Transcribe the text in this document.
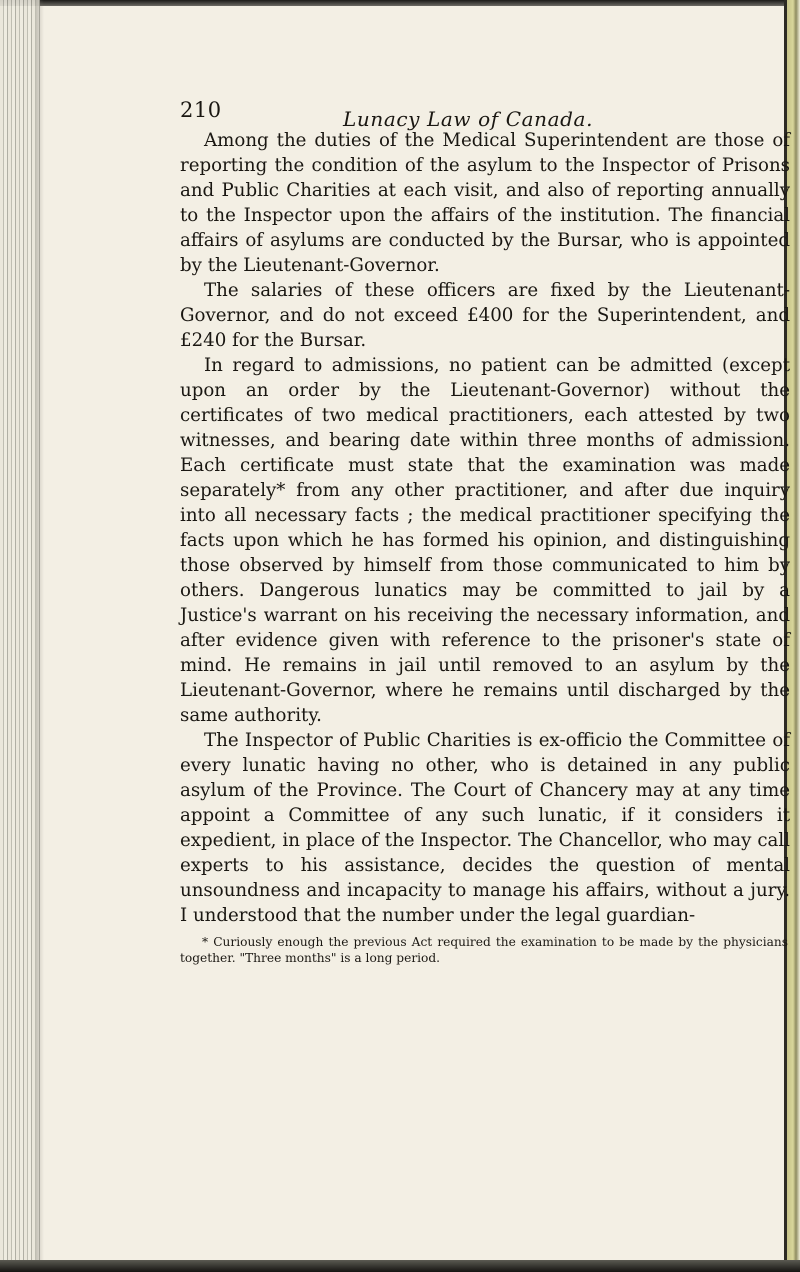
210	Lunacy Law of Canada.

Among the duties of the Medical Superintendent are those of reporting the condition of the asylum to the Inspector of Prisons and Public Charities at each visit, and also of reporting annually to the Inspector upon the affairs of the institution. The financial affairs of asylums are conducted by the Bursar, who is appointed by the Lieutenant-Governor.

The salaries of these officers are fixed by the Lieutenant-Governor, and do not exceed £400 for the Superintendent, and £240 for the Bursar.

In regard to admissions, no patient can be admitted (except upon an order by the Lieutenant-Governor) without the certificates of two medical practitioners, each attested by two witnesses, and bearing date within three months of admission. Each certificate must state that the examination was made separately* from any other practitioner, and after due inquiry into all necessary facts ; the medical practitioner specifying the facts upon which he has formed his opinion, and distinguishing those observed by himself from those communicated to him by others. Dangerous lunatics may be committed to jail by a Justice's warrant on his receiving the necessary information, and after evidence given with reference to the prisoner's state of mind. He remains in jail until removed to an asylum by the Lieutenant-Governor, where he remains until discharged by the same authority.

The Inspector of Public Charities is ex-officio the Committee of every lunatic having no other, who is detained in any public asylum of the Province. The Court of Chancery may at any time appoint a Committee of any such lunatic, if it considers it expedient, in place of the Inspector. The Chancellor, who may call experts to his assistance, decides the question of mental unsoundness and incapacity to manage his affairs, without a jury. I understood that the number under the legal guardian-

* Curiously enough the previous Act required the examination to be made by the physicians together. "Three months" is a long period.
